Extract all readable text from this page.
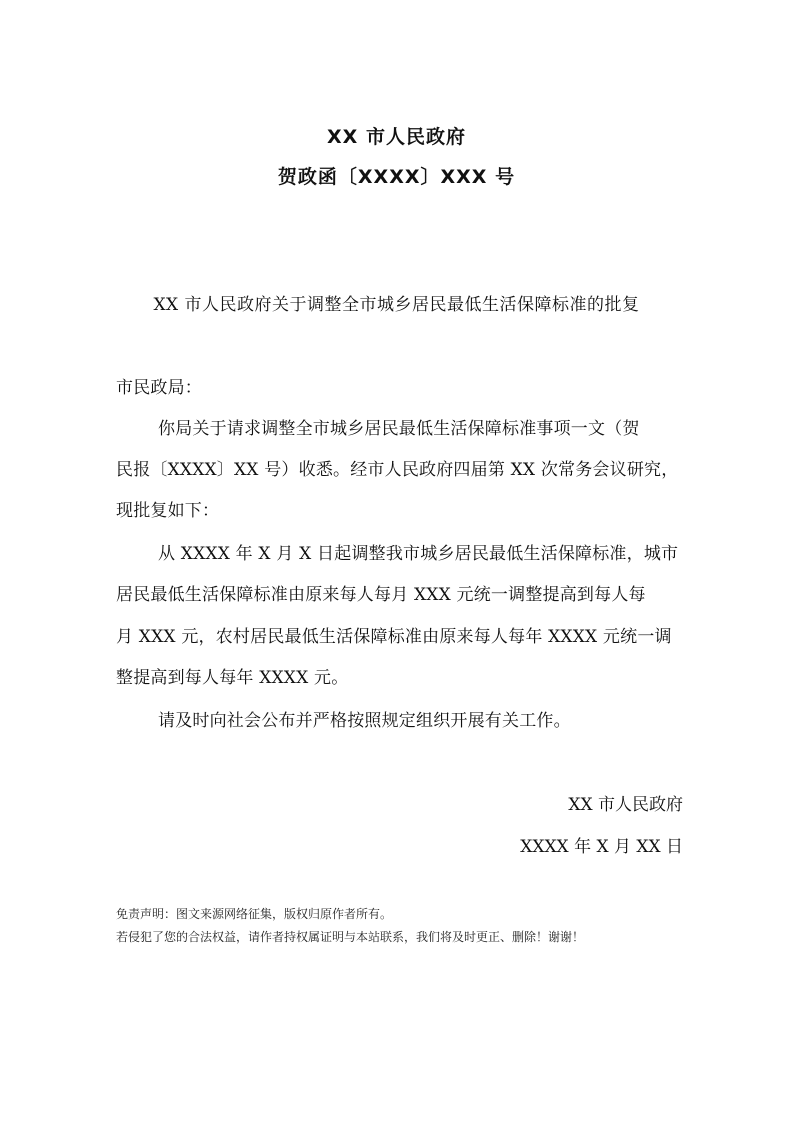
XX 市人民政府
贺政函〔XXXX〕XXX 号
XX 市人民政府关于调整全市城乡居民最低生活保障标准的批复
市民政局：
你局关于请求调整全市城乡居民最低生活保障标准事项一文（贺
民报〔XXXX〕XX 号）收悉。经市人民政府四届第 XX 次常务会议研究，
现批复如下：
从 XXXX 年 X 月 X 日起调整我市城乡居民最低生活保障标准，城市
居民最低生活保障标准由原来每人每月 XXX 元统一调整提高到每人每
月 XXX 元，农村居民最低生活保障标准由原来每人每年 XXXX 元统一调
整提高到每人每年 XXXX 元。
请及时向社会公布并严格按照规定组织开展有关工作。
XX 市人民政府
XXXX 年 X 月 XX 日
免责声明：图文来源网络征集，版权归原作者所有。
若侵犯了您的合法权益，请作者持权属证明与本站联系，我们将及时更正、删除！谢谢！
